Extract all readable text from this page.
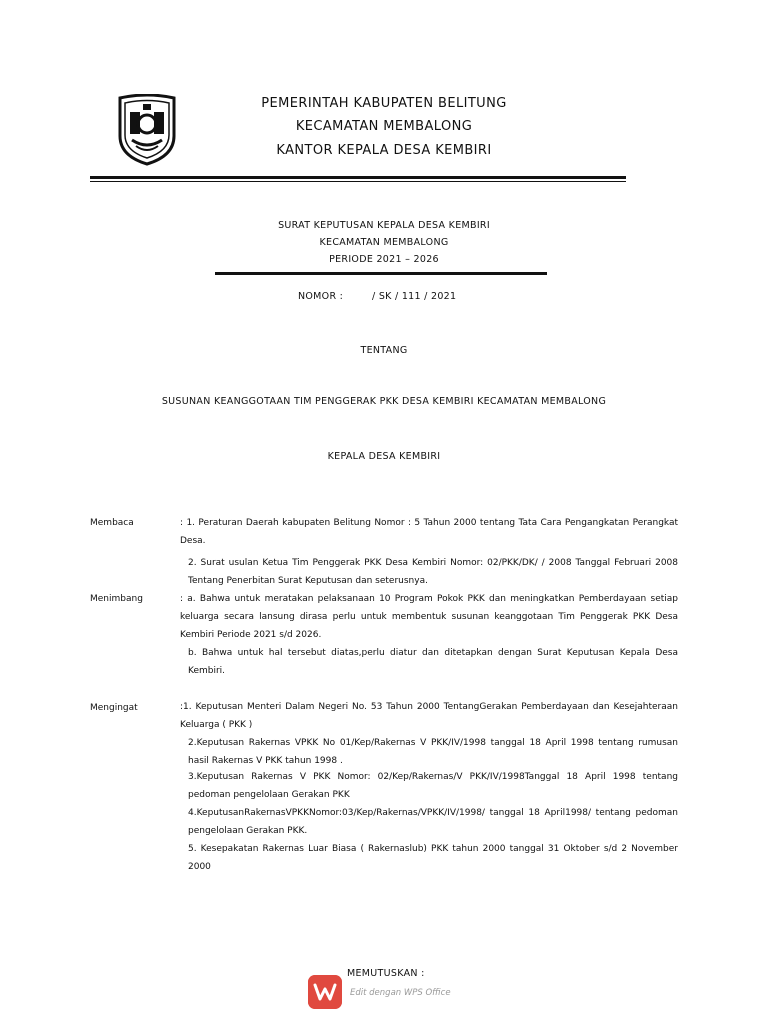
PEMERINTAH KABUPATEN BELITUNG
KECAMATAN MEMBALONG
KANTOR KEPALA DESA KEMBIRI
SURAT KEPUTUSAN KEPALA DESA KEMBIRI
KECAMATAN MEMBALONG
PERIODE 2021 – 2026
NOMOR :	/ SK / 111 / 2021
TENTANG
SUSUNAN KEANGGOTAAN TIM PENGGERAK PKK DESA KEMBIRI KECAMATAN MEMBALONG
KEPALA DESA KEMBIRI
Membaca	: 1. Peraturan Daerah kabupaten Belitung Nomor : 5 Tahun 2000 tentang Tata Cara Pengangkatan Perangkat Desa.
2. Surat usulan Ketua Tim Penggerak PKK Desa Kembiri Nomor: 02/PKK/DK/ / 2008 Tanggal Februari 2008 Tentang Penerbitan Surat Keputusan dan seterusnya.
Menimbang	: a. Bahwa untuk meratakan pelaksanaan 10 Program Pokok PKK dan meningkatkan Pemberdayaan setiap keluarga secara lansung dirasa perlu untuk membentuk susunan keanggotaan Tim Penggerak PKK Desa Kembiri Periode 2021 s/d 2026.
b. Bahwa untuk hal tersebut diatas,perlu diatur dan ditetapkan dengan Surat Keputusan Kepala Desa Kembiri.
Mengingat	:1. Keputusan Menteri Dalam Negeri No. 53 Tahun 2000 TentangGerakan Pemberdayaan dan Kesejahteraan Keluarga ( PKK )
2.Keputusan Rakernas VPKK No 01/Kep/Rakernas V PKK/IV/1998 tanggal 18 April 1998 tentang rumusan hasil Rakernas V PKK tahun 1998 .
3.Keputusan Rakernas V PKK Nomor: 02/Kep/Rakernas/V PKK/IV/1998Tanggal 18 April 1998 tentang pedoman pengelolaan Gerakan PKK
4.KeputusanRakernasVPKKNomor:03/Kep/Rakernas/VPKK/IV/1998/ tanggal 18 April1998/ tentang pedoman pengelolaan Gerakan PKK.
5. Kesepakatan Rakernas Luar Biasa ( Rakernaslub) PKK tahun 2000 tanggal 31 Oktober s/d 2 November 2000
MEMUTUSKAN :
Edit dengan WPS Office
